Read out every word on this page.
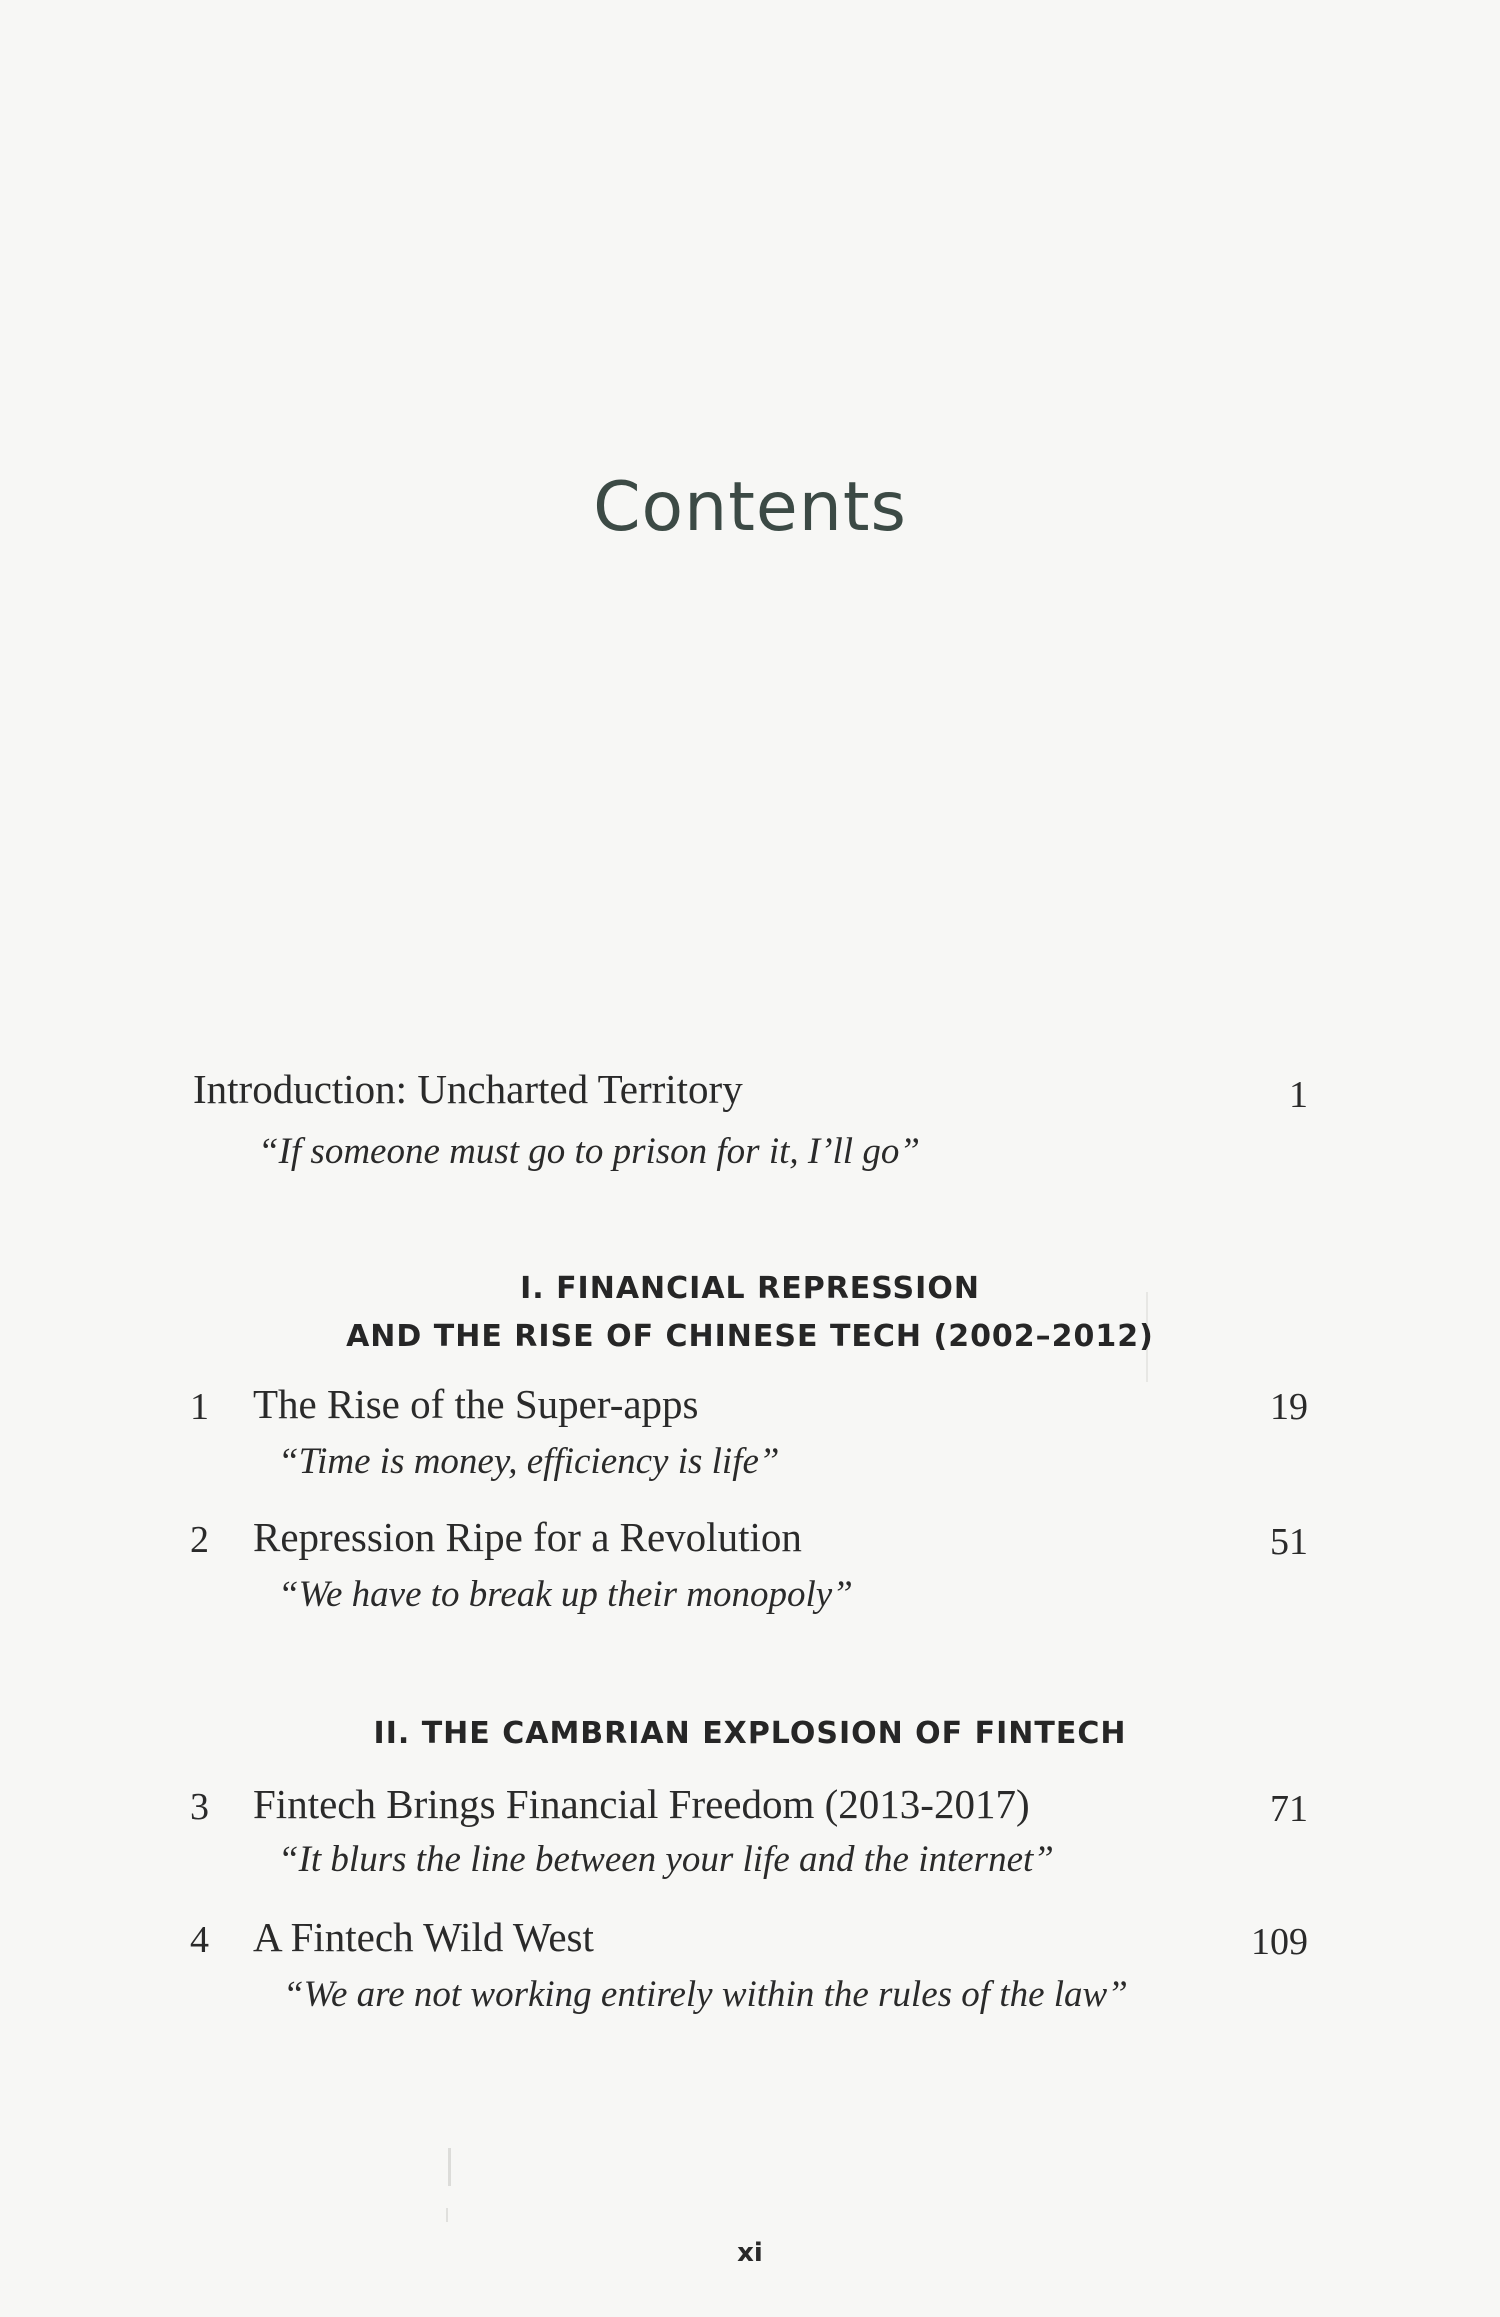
Contents
Introduction: Uncharted Territory	1
“If someone must go to prison for it, I’ll go”
I. FINANCIAL REPRESSION
AND THE RISE OF CHINESE TECH (2002–2012)
1 The Rise of the Super-apps	19
“Time is money, efficiency is life”
2 Repression Ripe for a Revolution	51
“We have to break up their monopoly”
II. THE CAMBRIAN EXPLOSION OF FINTECH
3 Fintech Brings Financial Freedom (2013-2017)	71
“It blurs the line between your life and the internet”
4 A Fintech Wild West	109
“We are not working entirely within the rules of the law”
xi
